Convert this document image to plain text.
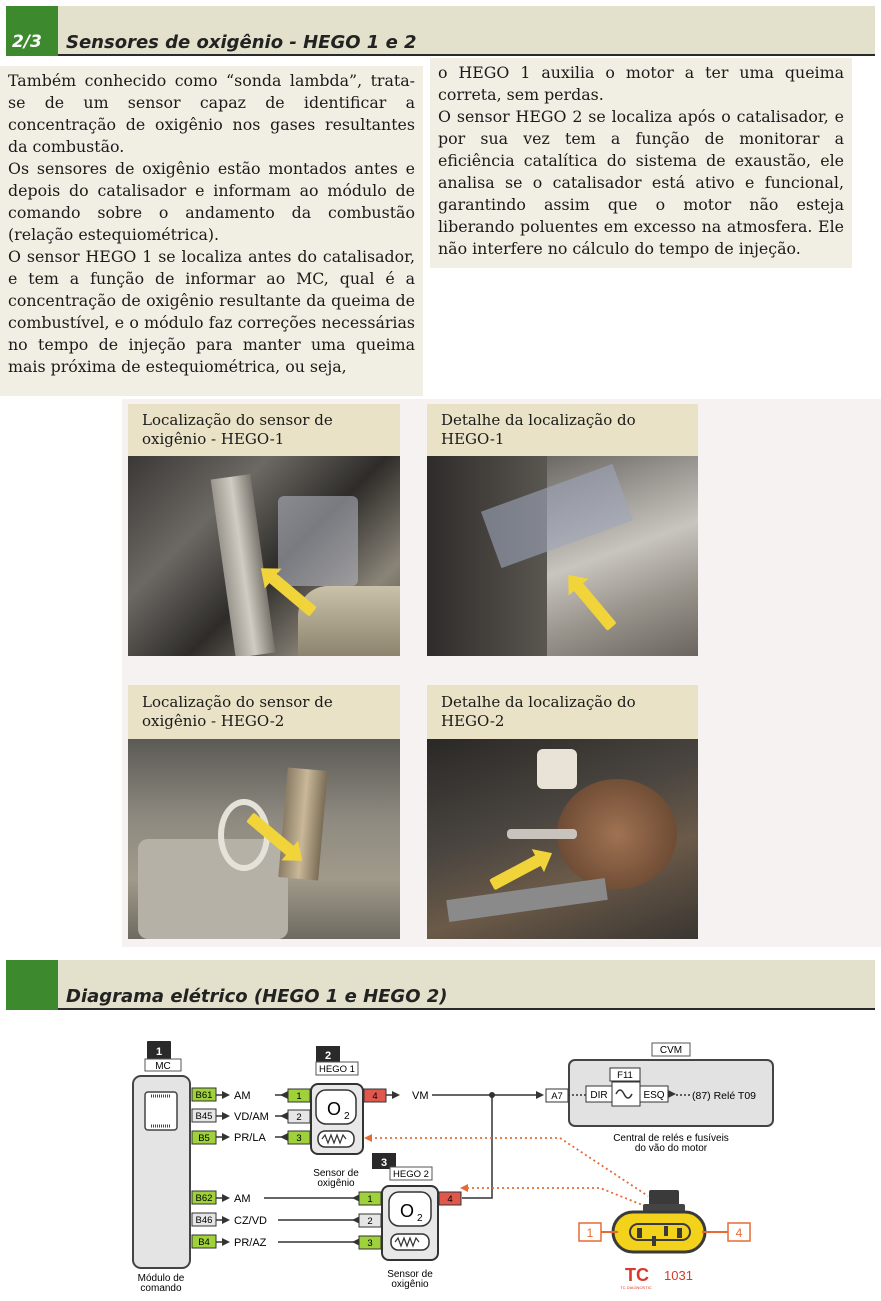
2/3 Sensores de oxigênio - HEGO 1 e 2

Também conhecido como “sonda lambda”, trata-se de um sensor capaz de identificar a concentração de oxigênio nos gases resultantes da combustão.

Os sensores de oxigênio estão montados antes e depois do catalisador e informam ao módulo de comando sobre o andamento da combustão (relação estequiométrica).

O sensor HEGO 1 se localiza antes do catalisador, e tem a função de informar ao MC, qual é a concentração de oxigênio resultante da queima de combustível, e o módulo faz correções necessárias no tempo de injeção para manter uma queima mais próxima de estequiométrica, ou seja,

o HEGO 1 auxilia o motor a ter uma queima correta, sem perdas.

O sensor HEGO 2 se localiza após o catalisador, e por sua vez tem a função de monitorar a eficiência catalítica do sistema de exaustão, ele analisa se o catalisador está ativo e funcional, garantindo assim que o motor não esteja liberando poluentes em excesso na atmosfera. Ele não interfere no cálculo do tempo de injeção.

Localização do sensor de oxigênio - HEGO-1
Detalhe da localização do HEGO-1
Localização do sensor de oxigênio - HEGO-2
Detalhe da localização do HEGO-2
Diagrama elétrico (HEGO 1 e HEGO 2)
1
MC
Módulo de
comando
B61
B45
B5
B62
B46
B4
AM
VD/AM
PR/LA
AM
CZ/VD
PR/AZ
2
HEGO 1
O 2
Sensor de
oxigênio
1
2
3
4	VM
3
HEGO 2
O 2
Sensor de
oxigênio
1
2
3
4
CVM
A7
F11
DIR	ESQ	(87) Relé T09
Central de relés e fusíveis
do vão do motor
1	4
TC
TC DIAGNOSTIC
1031
